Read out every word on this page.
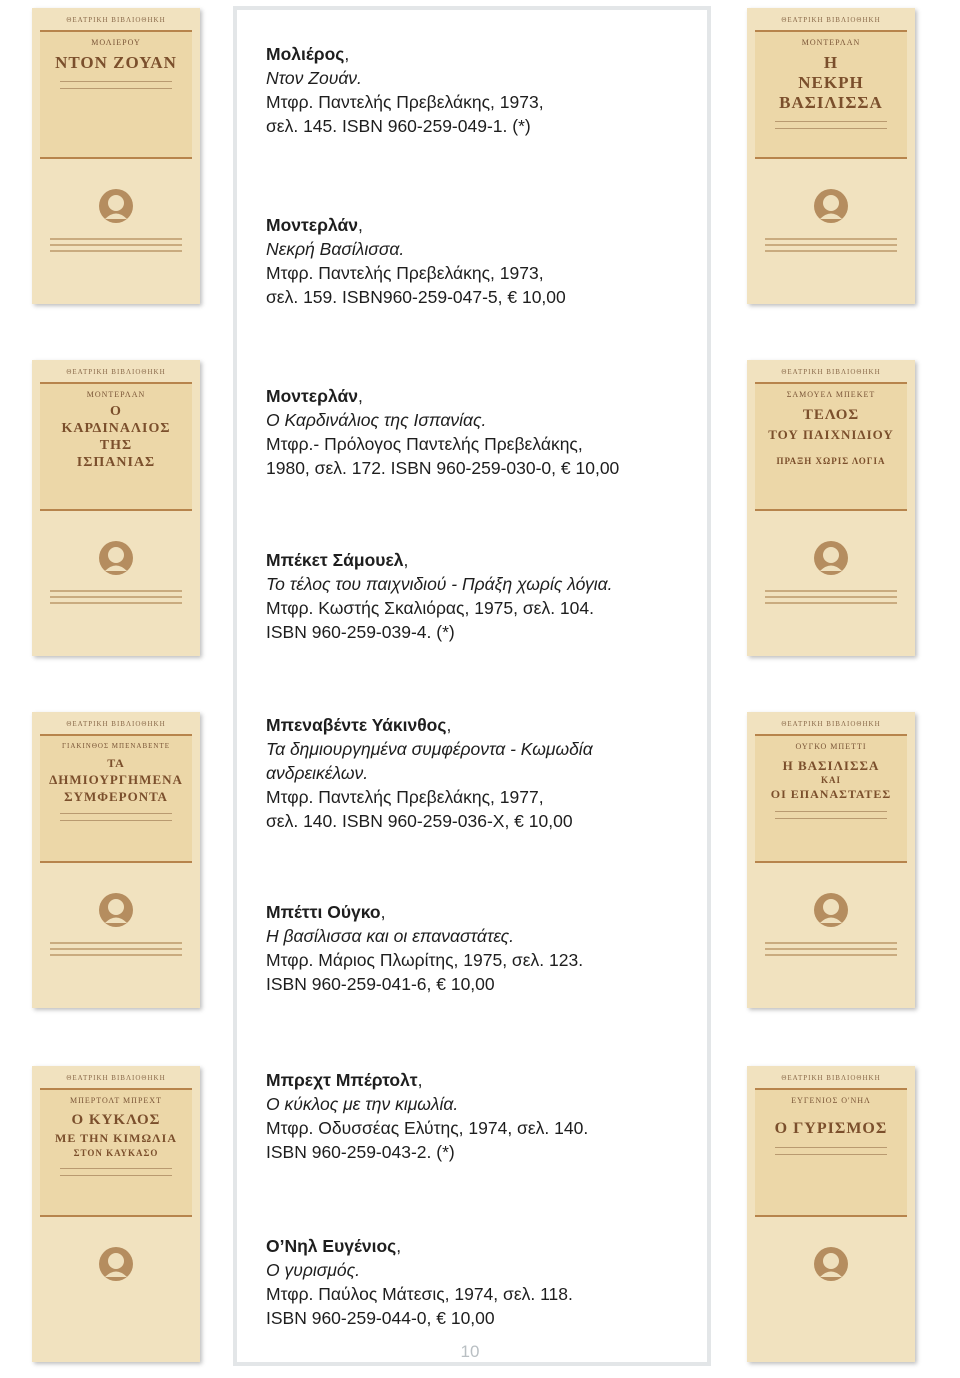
Μολιέρος,
Ντον Ζουάν.
Μτφρ. Παντελής Πρεβελάκης, 1973,
σελ. 145. ISBN 960-259-049-1. (*)
Μοντερλάν,
Νεκρή Βασίλισσα.
Μτφρ. Παντελής Πρεβελάκης, 1973,
σελ. 159. ISBN960-259-047-5, € 10,00
Μοντερλάν,
Ο Καρδινάλιος της Ισπανίας.
Μτφρ.- Πρόλογος Παντελής Πρεβελάκης,
1980, σελ. 172. ISBN 960-259-030-0, € 10,00
Μπέκετ Σάμουελ,
Το τέλος του παιχνιδιού - Πράξη χωρίς λόγια.
Μτφρ. Κωστής Σκαλιόρας, 1975, σελ. 104.
ISBN 960-259-039-4. (*)
Μπεναβέντε Υάκινθος,
Τα δημιουργημένα συμφέροντα - Κωμωδία
ανδρεικέλων.
Μτφρ. Παντελής Πρεβελάκης, 1977,
σελ. 140. ISBN 960-259-036-Χ, € 10,00
Μπέττι Ούγκο,
Η βασίλισσα και οι επαναστάτες.
Μτφρ. Μάριος Πλωρίτης, 1975, σελ. 123.
ISBN 960-259-041-6, € 10,00
Μπρεχτ Μπέρτολτ,
Ο κύκλος με την κιμωλία.
Μτφρ. Οδυσσέας Ελύτης, 1974, σελ. 140.
ISBN 960-259-043-2. (*)
Ο’Νηλ Ευγένιος,
Ο γυρισμός.
Μτφρ. Παύλος Μάτεσις, 1974, σελ. 118.
ISBN 960-259-044-0, € 10,00
10
ΘΕΑΤΡΙΚΗ ΒΙΒΛΙΟΘΗΚΗ
ΜΟΛΙΕΡΟΥ
ΝΤΟΝ ΖΟΥΑΝ
ΘΕΑΤΡΙΚΗ ΒΙΒΛΙΟΘΗΚΗ
ΜΟΝΤΕΡΛΑΝ
Η
ΝΕΚΡΗ ΒΑΣΙΛΙΣΣΑ
ΘΕΑΤΡΙΚΗ ΒΙΒΛΙΟΘΗΚΗ
ΜΟΝΤΕΡΛΑΝ
Ο
ΚΑΡΔΙΝΑΛΙΟΣ
ΤΗΣ
ΙΣΠΑΝΙΑΣ
ΘΕΑΤΡΙΚΗ ΒΙΒΛΙΟΘΗΚΗ
ΣΑΜΟΥΕΛ ΜΠΕΚΕΤ
ΤΕΛΟΣ
ΤΟΥ ΠΑΙΧΝΙΔΙΟΥ
ΠΡΑΞΗ ΧΩΡΙΣ ΛΟΓΙΑ
ΘΕΑΤΡΙΚΗ ΒΙΒΛΙΟΘΗΚΗ
ΓΙΑΚΙΝΘΟΣ ΜΠΕΝΑΒΕΝΤΕ
ΤΑ
ΔΗΜΙΟΥΡΓΗΜΕΝΑ
ΣΥΜΦΕΡΟΝΤΑ
ΘΕΑΤΡΙΚΗ ΒΙΒΛΙΟΘΗΚΗ
ΟΥΓΚΟ ΜΠΕΤΤΙ
Η ΒΑΣΙΛΙΣΣΑ
ΚΑΙ
ΟΙ ΕΠΑΝΑΣΤΑΤΕΣ
ΘΕΑΤΡΙΚΗ ΒΙΒΛΙΟΘΗΚΗ
ΜΠΕΡΤΟΛΤ ΜΠΡΕΧΤ
Ο ΚΥΚΛΟΣ
ΜΕ ΤΗΝ ΚΙΜΩΛΙΑ
ΣΤΟΝ ΚΑΥΚΑΣΟ
ΘΕΑΤΡΙΚΗ ΒΙΒΛΙΟΘΗΚΗ
ΕΥΓΕΝΙΟΣ Ο'ΝΗΛ
Ο ΓΥΡΙΣΜΟΣ
